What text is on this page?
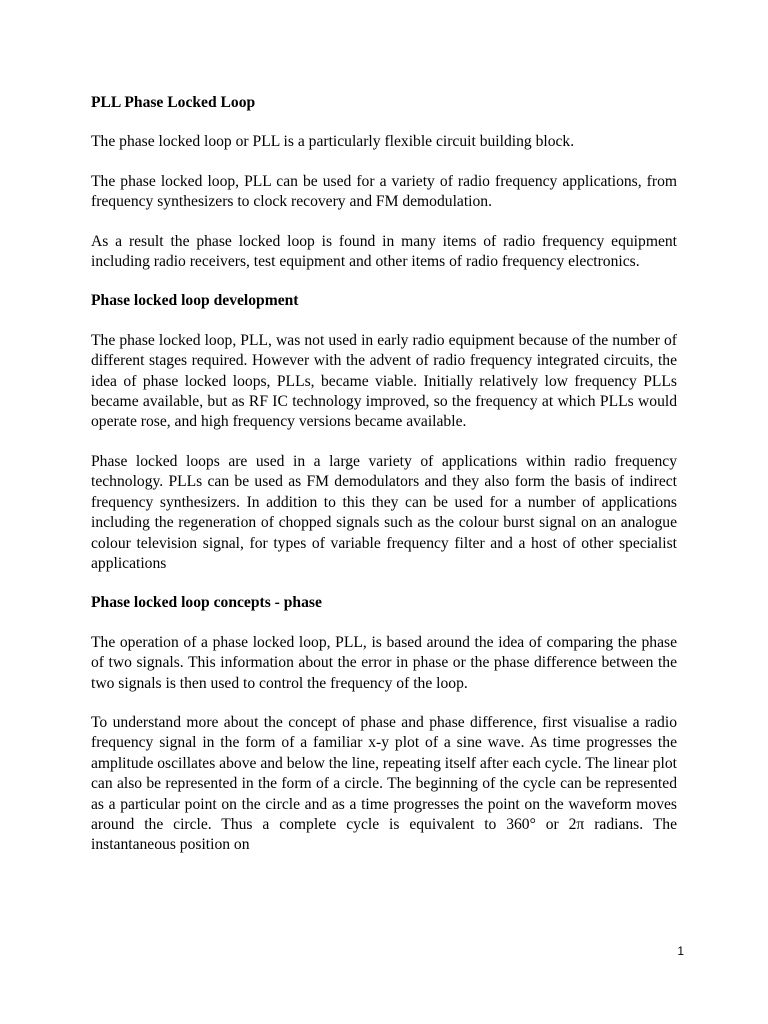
PLL Phase Locked Loop

The phase locked loop or PLL is a particularly flexible circuit building block.

The phase locked loop, PLL can be used for a variety of radio frequency applications, from frequency synthesizers to clock recovery and FM demodulation.

As a result the phase locked loop is found in many items of radio frequency equipment including radio receivers, test equipment and other items of radio frequency electronics.

Phase locked loop development

The phase locked loop, PLL, was not used in early radio equipment because of the number of different stages required. However with the advent of radio frequency integrated circuits, the idea of phase locked loops, PLLs, became viable. Initially relatively low frequency PLLs became available, but as RF IC technology improved, so the frequency at which PLLs would operate rose, and high frequency versions became available.

Phase locked loops are used in a large variety of applications within radio frequency technology. PLLs can be used as FM demodulators and they also form the basis of indirect frequency synthesizers. In addition to this they can be used for a number of applications including the regeneration of chopped signals such as the colour burst signal on an analogue colour television signal, for types of variable frequency filter and a host of other specialist applications

Phase locked loop concepts - phase

The operation of a phase locked loop, PLL, is based around the idea of comparing the phase of two signals. This information about the error in phase or the phase difference between the two signals is then used to control the frequency of the loop.

To understand more about the concept of phase and phase difference, first visualise a radio frequency signal in the form of a familiar x-y plot of a sine wave. As time progresses the amplitude oscillates above and below the line, repeating itself after each cycle. The linear plot can also be represented in the form of a circle. The beginning of the cycle can be represented as a particular point on the circle and as a time progresses the point on the waveform moves around the circle. Thus a complete cycle is equivalent to 360° or 2π radians. The instantaneous position on

1
